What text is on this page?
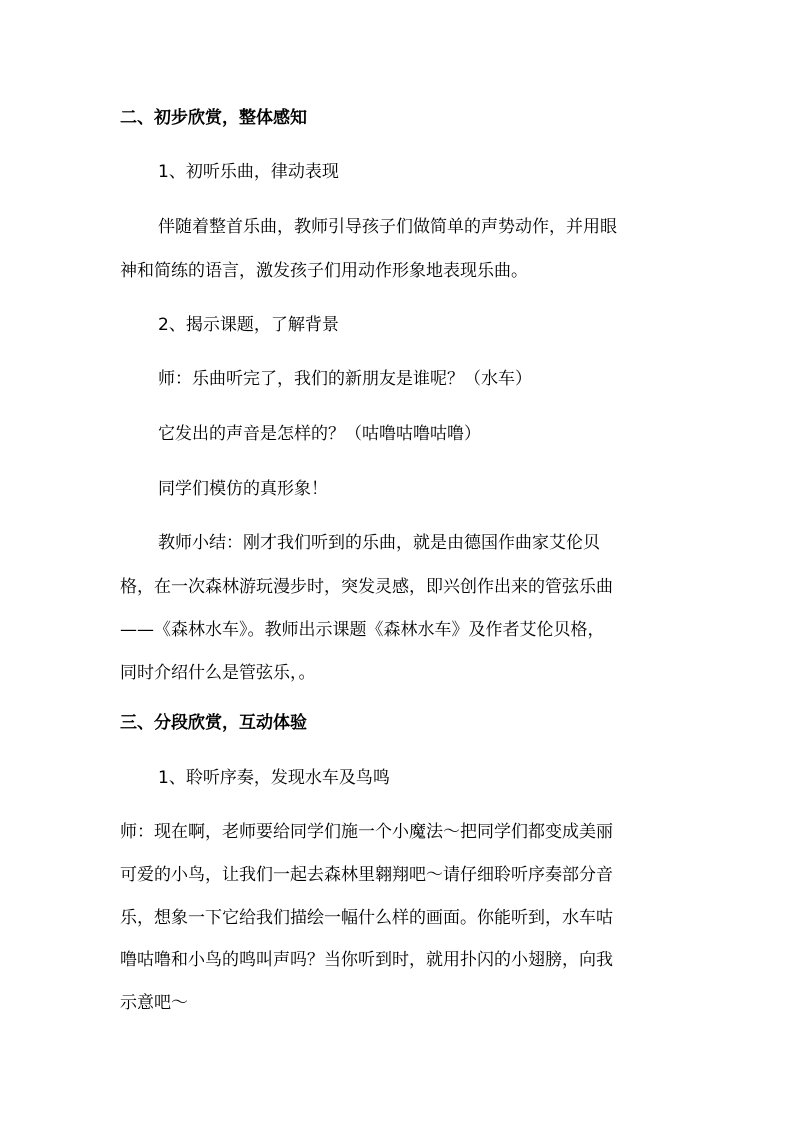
二、初步欣赏，整体感知
1、初听乐曲，律动表现
伴随着整首乐曲，教师引导孩子们做简单的声势动作，并用眼
神和简练的语言，激发孩子们用动作形象地表现乐曲。
2、揭示课题，了解背景
师：乐曲听完了，我们的新朋友是谁呢？（水车）
它发出的声音是怎样的？（咕噜咕噜咕噜）
同学们模仿的真形象！
教师小结：刚才我们听到的乐曲，就是由德国作曲家艾伦贝
格，在一次森林游玩漫步时，突发灵感，即兴创作出来的管弦乐曲
——《森林水车》。教师出示课题《森林水车》及作者艾伦贝格，
同时介绍什么是管弦乐，。
三、分段欣赏，互动体验
1、聆听序奏，发现水车及鸟鸣
师：现在啊，老师要给同学们施一个小魔法～把同学们都变成美丽
可爱的小鸟，让我们一起去森林里翱翔吧～请仔细聆听序奏部分音
乐，想象一下它给我们描绘一幅什么样的画面。你能听到，水车咕
噜咕噜和小鸟的鸣叫声吗？当你听到时，就用扑闪的小翅膀，向我
示意吧～
